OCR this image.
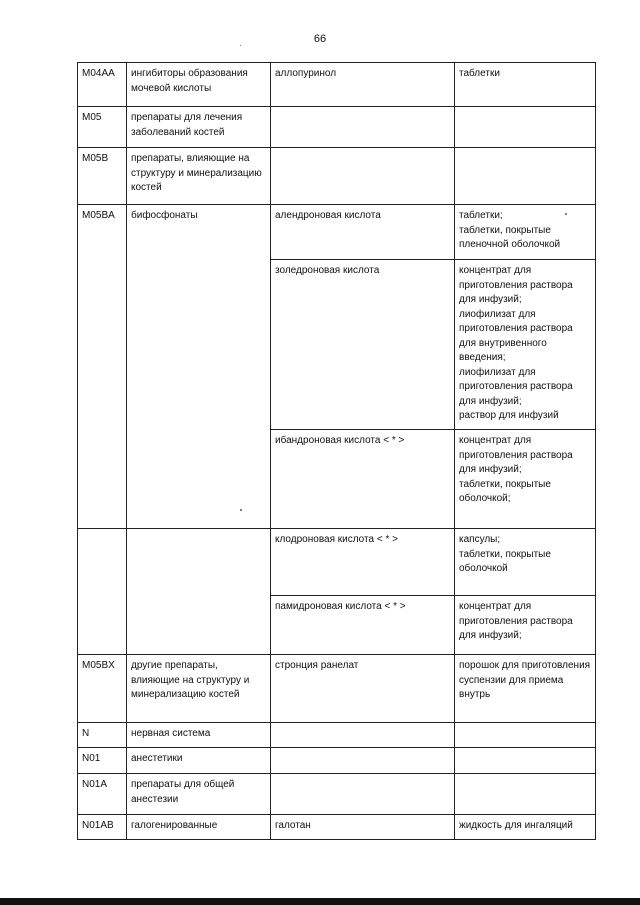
66
M04AA	ингибиторы образования мочевой кислоты	аллопуринол	таблетки
M05	препараты для лечения заболеваний костей		
M05B	препараты, влияющие на структуру и минерализацию костей		
M05BA	бифосфонаты	алендроновая кислота	таблетки;
таблетки, покрытые пленочной оболочкой
		золедроновая кислота	концентрат для приготовления раствора для инфузий;
лиофилизат для приготовления раствора для внутривенного введения;
лиофилизат для приготовления раствора для инфузий;
раствор для инфузий
		ибандроновая кислота < * >	концентрат для приготовления раствора для инфузий;
таблетки, покрытые оболочкой;
		клодроновая кислота < * >	капсулы;
таблетки, покрытые оболочкой
		памидроновая кислота < * >	концентрат для приготовления раствора для инфузий;
M05BX	другие препараты, влияющие на структуру и минерализацию костей	стронция ранелат	порошок для приготовления суспензии для приема внутрь
N	нервная система		
N01	анестетики		
N01A	препараты для общей анестезии		
N01AB	галогенированные	галотан	жидкость для ингаляций
